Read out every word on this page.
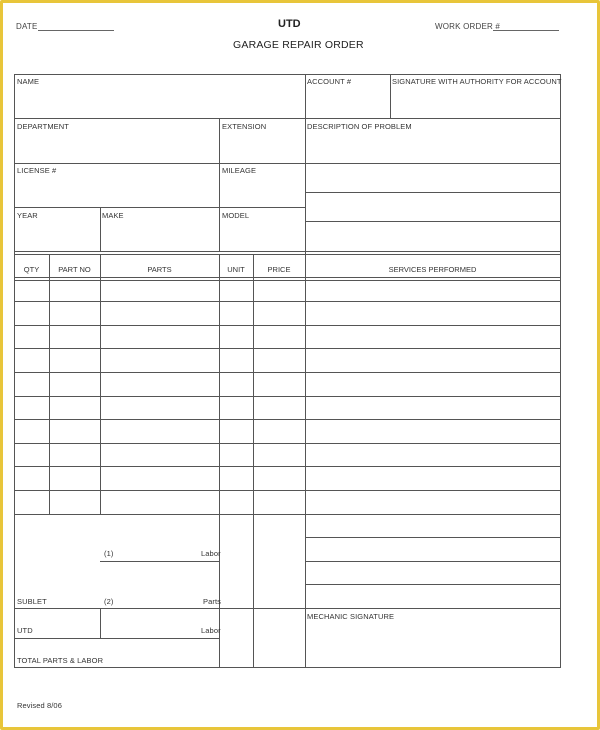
DATE	UTD
GARAGE REPAIR ORDER
WORK ORDER #
NAME	ACCOUNT #	SIGNATURE WITH AUTHORITY FOR ACCOUNT
DEPARTMENT	EXTENSION	DESCRIPTION OF PROBLEM
LICENSE #	MILEAGE
YEAR	MAKE	MODEL
QTY	PART NO	PARTS	UNIT	PRICE	SERVICES PERFORMED
(1)	Labor
SUBLET	(2)	Parts
MECHANIC SIGNATURE
UTD	Labor
TOTAL PARTS & LABOR
Revised 8/06
